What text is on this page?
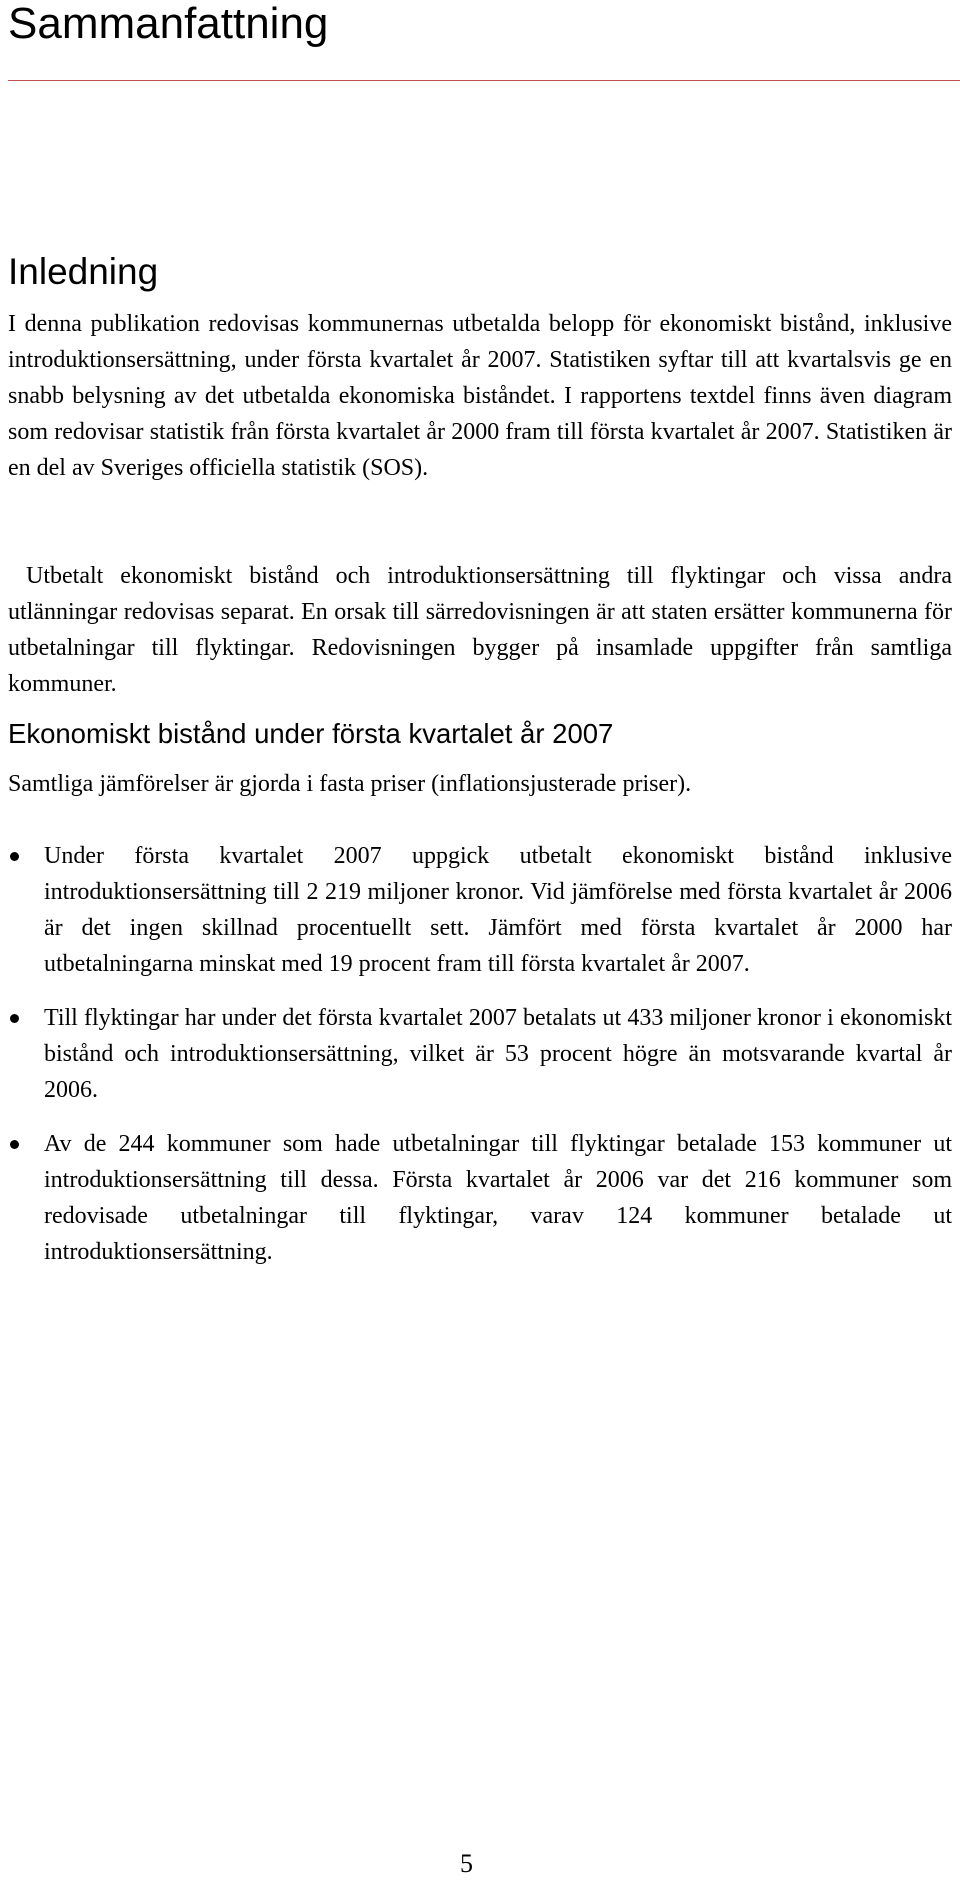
Sammanfattning
Inledning

I denna publikation redovisas kommunernas utbetalda belopp för ekonomiskt bistånd, inklusive introduktionsersättning, under första kvartalet år 2007. Statistiken syftar till att kvartalsvis ge en snabb belysning av det utbetalda ekonomiska biståndet. I rapportens textdel finns även diagram som redovisar statistik från första kvartalet år 2000 fram till första kvartalet år 2007. Statistiken är en del av Sveriges officiella statistik (SOS).

Utbetalt ekonomiskt bistånd och introduktionsersättning till flyktingar och vissa andra utlänningar redovisas separat. En orsak till särredovisningen är att staten ersätter kommunerna för utbetalningar till flyktingar. Redovisningen bygger på insamlade uppgifter från samtliga kommuner.

Ekonomiskt bistånd under första kvartalet år 2007

Samtliga jämförelser är gjorda i fasta priser (inflationsjusterade priser).

Under första kvartalet 2007 uppgick utbetalt ekonomiskt bistånd inklusive introduktionsersättning till 2 219 miljoner kronor. Vid jämförelse med första kvartalet år 2006 är det ingen skillnad procentuellt sett. Jämfört med första kvartalet år 2000 har utbetalningarna minskat med 19 procent fram till första kvartalet år 2007.
Till flyktingar har under det första kvartalet 2007 betalats ut 433 miljoner kronor i ekonomiskt bistånd och introduktionsersättning, vilket är 53 procent högre än motsvarande kvartal år 2006.
Av de 244 kommuner som hade utbetalningar till flyktingar betalade 153 kommuner ut introduktionsersättning till dessa. Första kvartalet år 2006 var det 216 kommuner som redovisade utbetalningar till flyktingar, varav 124 kommuner betalade ut introduktionsersättning.

5
